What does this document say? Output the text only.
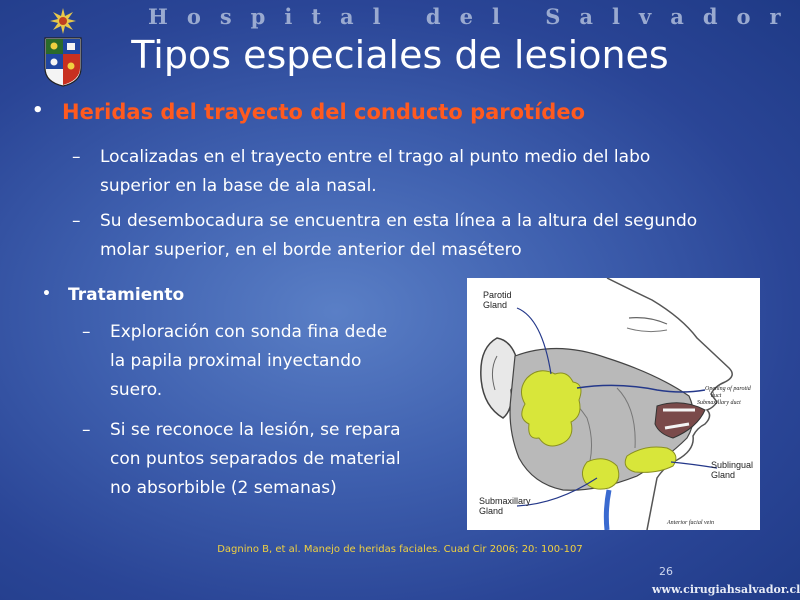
Hospital del Salvador
Tipos especiales de lesiones
• Heridas del trayecto del conducto parotídeo
– Localizadas en el trayecto entre el trago al punto medio del labo superior en la base de ala nasal.
– Su desembocadura se encuentra en esta línea a la altura del segundo molar superior, en el borde anterior del masétero
• Tratamiento
– Exploración con sonda fina dede la papila proximal inyectando suero.
– Si se reconoce la lesión, se repara con puntos separados de material no absorbible (2 semanas)
Parotid Gland
Sublingual Gland
Submaxillary Gland
Opening of parotid duct
Submaxillary duct
Anterior facial vein
Dagnino B, et al. Manejo de heridas faciales. Cuad Cir 2006; 20: 100-107
26
www.cirugiahsalvador.cl
